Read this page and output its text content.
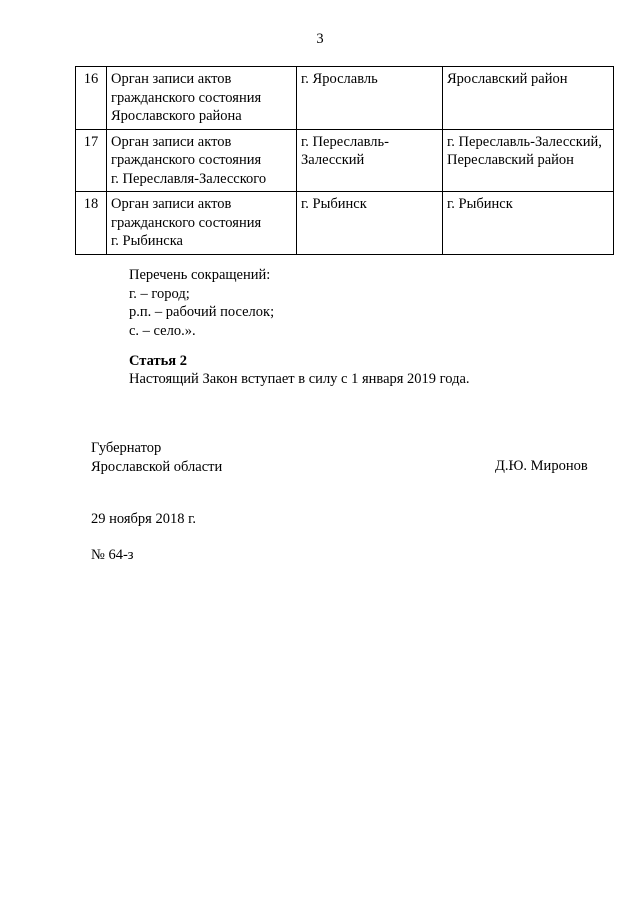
3
16	Орган записи актов
гражданского состояния
Ярославского района	г. Ярославль	Ярославский район
17	Орган записи актов
гражданского состояния
г. Переславля-Залесского	г. Переславль-
Залесский	г. Переславль-Залесский,
Переславский район
18	Орган записи актов
гражданского состояния
г. Рыбинска	г. Рыбинск	г. Рыбинск
Перечень сокращений:
г. – город;
р.п. – рабочий поселок;
с. – село.».
Статья 2
Настоящий Закон вступает в силу с 1 января 2019 года.
Губернатор
Ярославской области	Д.Ю. Миронов
29 ноября 2018 г.
№ 64-з
